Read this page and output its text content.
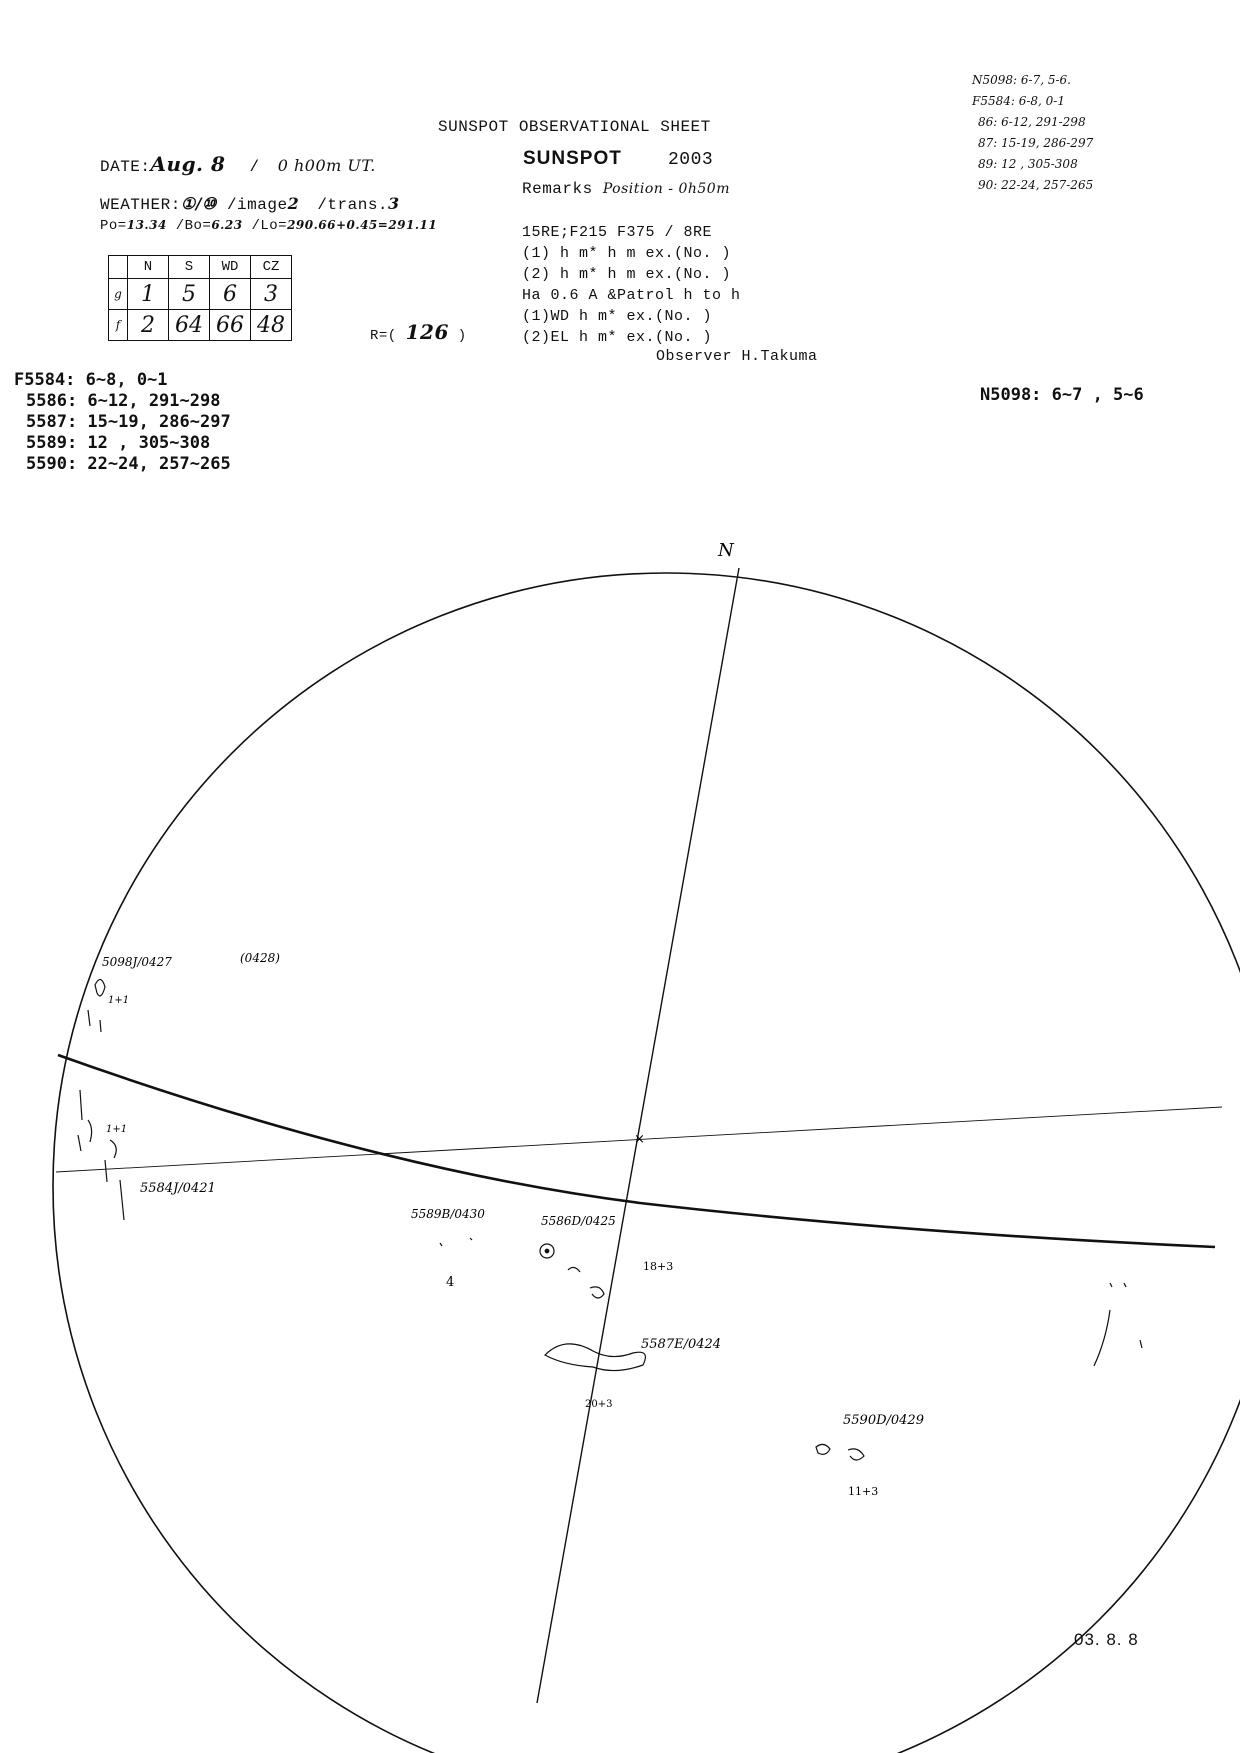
SUNSPOT OBSERVATIONAL SHEET
SUNSPOT	2003
DATE:Aug. 8 / 0 h00m UT.
WEATHER:①/⑩ /image2 /trans.3
Po=13.34 /Bo=6.23 /Lo=290.66+0.45=291.11
	N	S	WD	CZ
g	1	5	6	3
f	2	64	66	48	R=( 126 )
Remarks Position - 0h50m
15RE;F215 F375 / 8RE
(1) h m* h m ex.(No. )
(2) h m* h m ex.(No. )
Ha 0.6 A &Patrol h to h
(1)WD h m* ex.(No. )
(2)EL h m* ex.(No. )
Observer H.Takuma
N5098: 6-7, 5-6.
F5584: 6-8, 0-1
86: 6-12, 291-298
87: 15-19, 286-297
89: 12 , 305-308
90: 22-24, 257-265
F5584: 6~8, 0~1
5586: 6~12, 291~298
5587: 15~19, 286~297
5589: 12 , 305~308
5590: 22~24, 257~265
N5098: 6~7 , 5~6
×
N
5098J/0427	(0428)
1+1
1+1
5584J/0421
5589B/0430
4
5586D/0425
18+3
5587E/0424
20+3
5590D/0429
11+3
03. 8. 8
